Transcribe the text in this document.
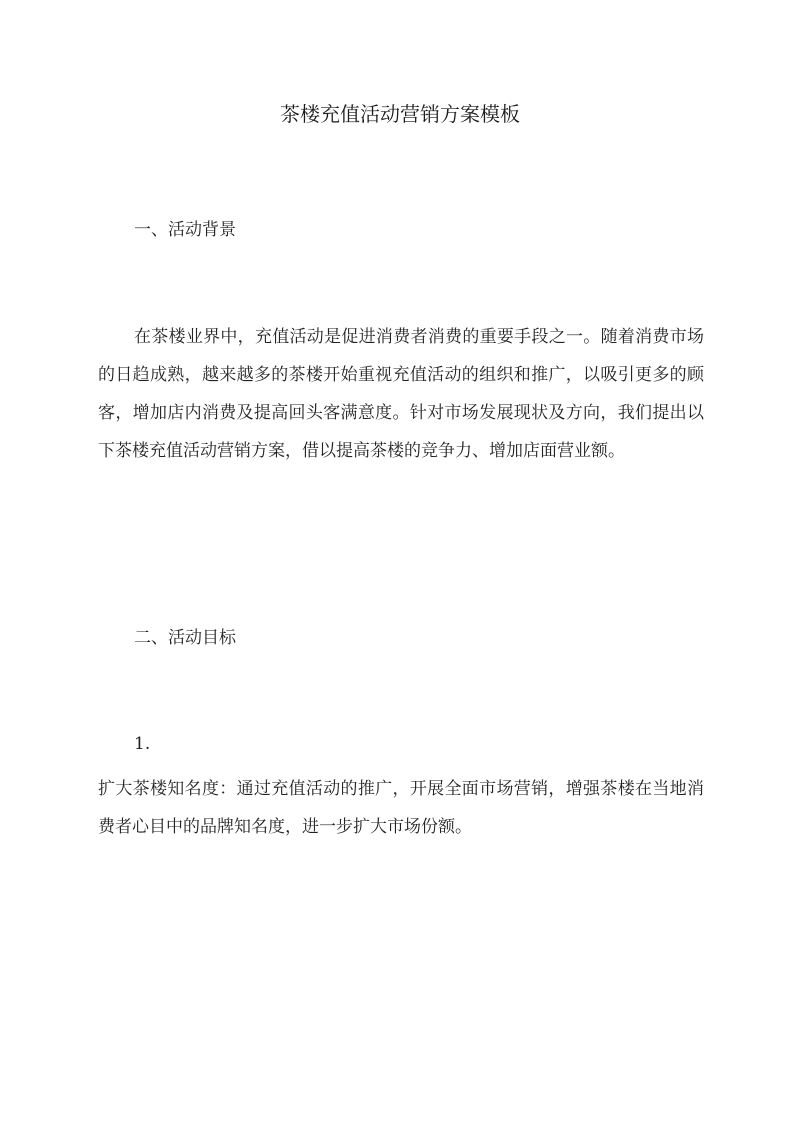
茶楼充值活动营销方案模板
一、活动背景
在茶楼业界中，充值活动是促进消费者消费的重要手段之一。随着消费市场的日趋成熟，越来越多的茶楼开始重视充值活动的组织和推广，以吸引更多的顾客，增加店内消费及提高回头客满意度。针对市场发展现状及方向，我们提出以下茶楼充值活动营销方案，借以提高茶楼的竞争力、增加店面营业额。
二、活动目标
1.
扩大茶楼知名度：通过充值活动的推广，开展全面市场营销，增强茶楼在当地消费者心目中的品牌知名度，进一步扩大市场份额。
